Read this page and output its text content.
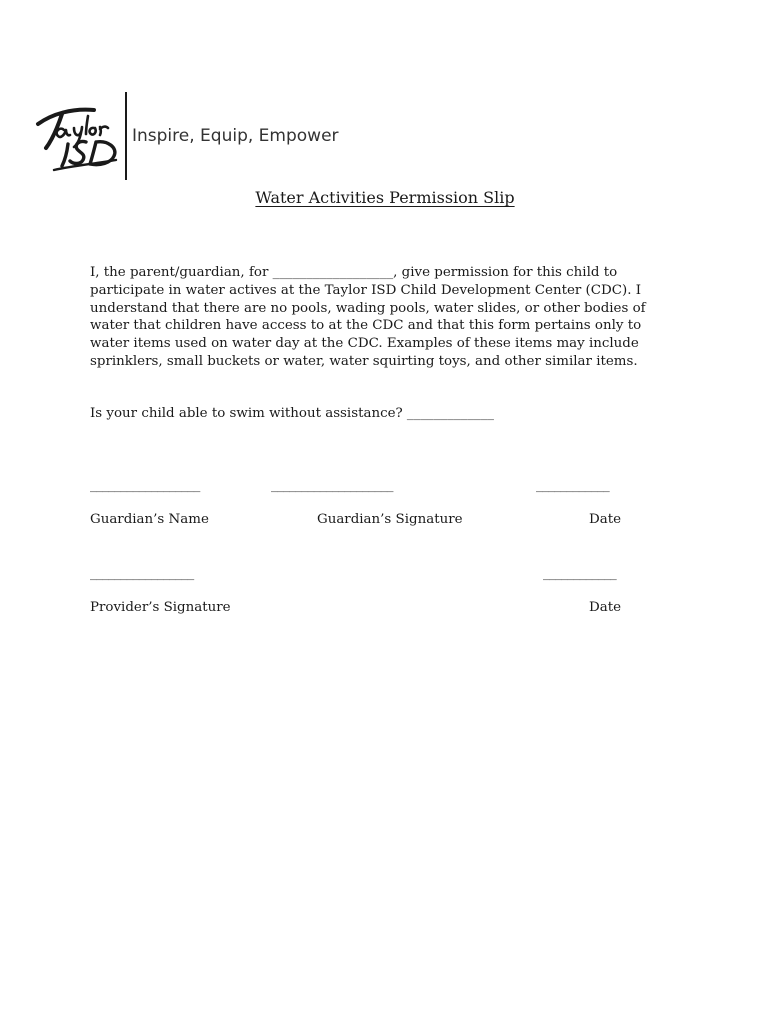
Inspire, Equip, Empower
Water Activities Permission Slip
I, the parent/guardian, for __________________, give permission for this child to participate in water actives at the Taylor ISD Child Development Center (CDC). I understand that there are no pools, wading pools, water slides, or other bodies of water that children have access to at the CDC and that this form pertains only to water items used on water day at the CDC. Examples of these items may include sprinklers, small buckets or water, water squirting toys, and other similar items.
Is your child able to swim without assistance? _____________
__________________	____________________	____________
Guardian’s Name	Guardian’s Signature	Date
_________________	____________
Provider’s Signature	Date
